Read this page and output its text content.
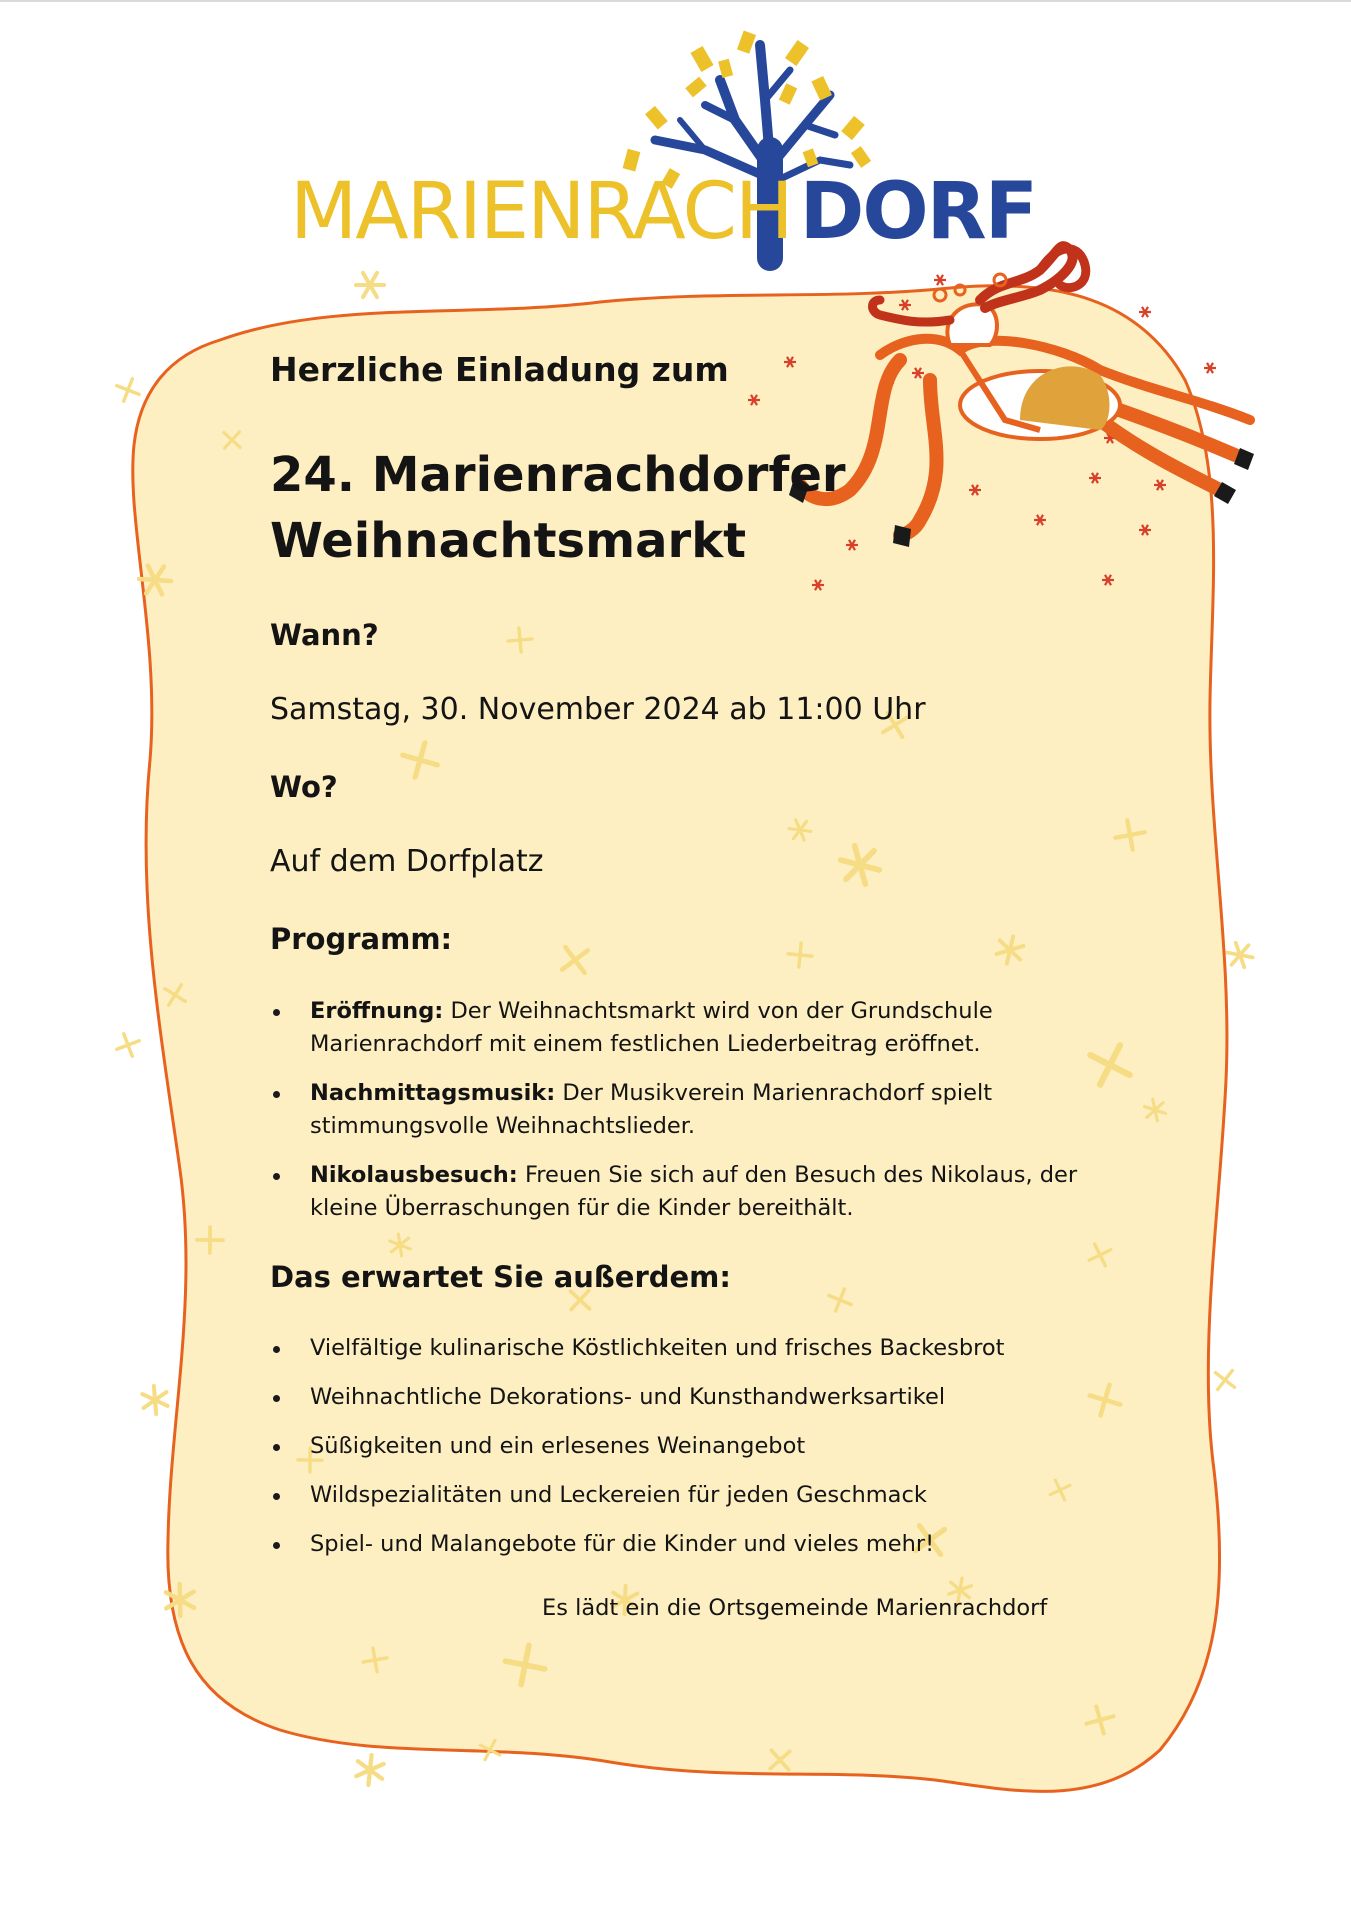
MARIENRACH DORF
Herzliche Einladung zum
24. Marienrachdorfer
Weihnachtsmarkt
Wann?
Samstag, 30. November 2024 ab 11:00 Uhr
Wo?
Auf dem Dorfplatz
Programm:
Eröffnung: Der Weihnachtsmarkt wird von der Grundschule Marienrachdorf mit einem festlichen Liederbeitrag eröffnet.
Nachmittagsmusik: Der Musikverein Marienrachdorf spielt stimmungsvolle Weihnachtslieder.
Nikolausbesuch: Freuen Sie sich auf den Besuch des Nikolaus, der kleine Überraschungen für die Kinder bereithält.
Das erwartet Sie außerdem:
Vielfältige kulinarische Köstlichkeiten und frisches Backesbrot
Weihnachtliche Dekorations- und Kunsthandwerksartikel
Süßigkeiten und ein erlesenes Weinangebot
Wildspezialitäten und Leckereien für jeden Geschmack
Spiel- und Malangebote für die Kinder und vieles mehr!
Es lädt ein die Ortsgemeinde Marienrachdorf
